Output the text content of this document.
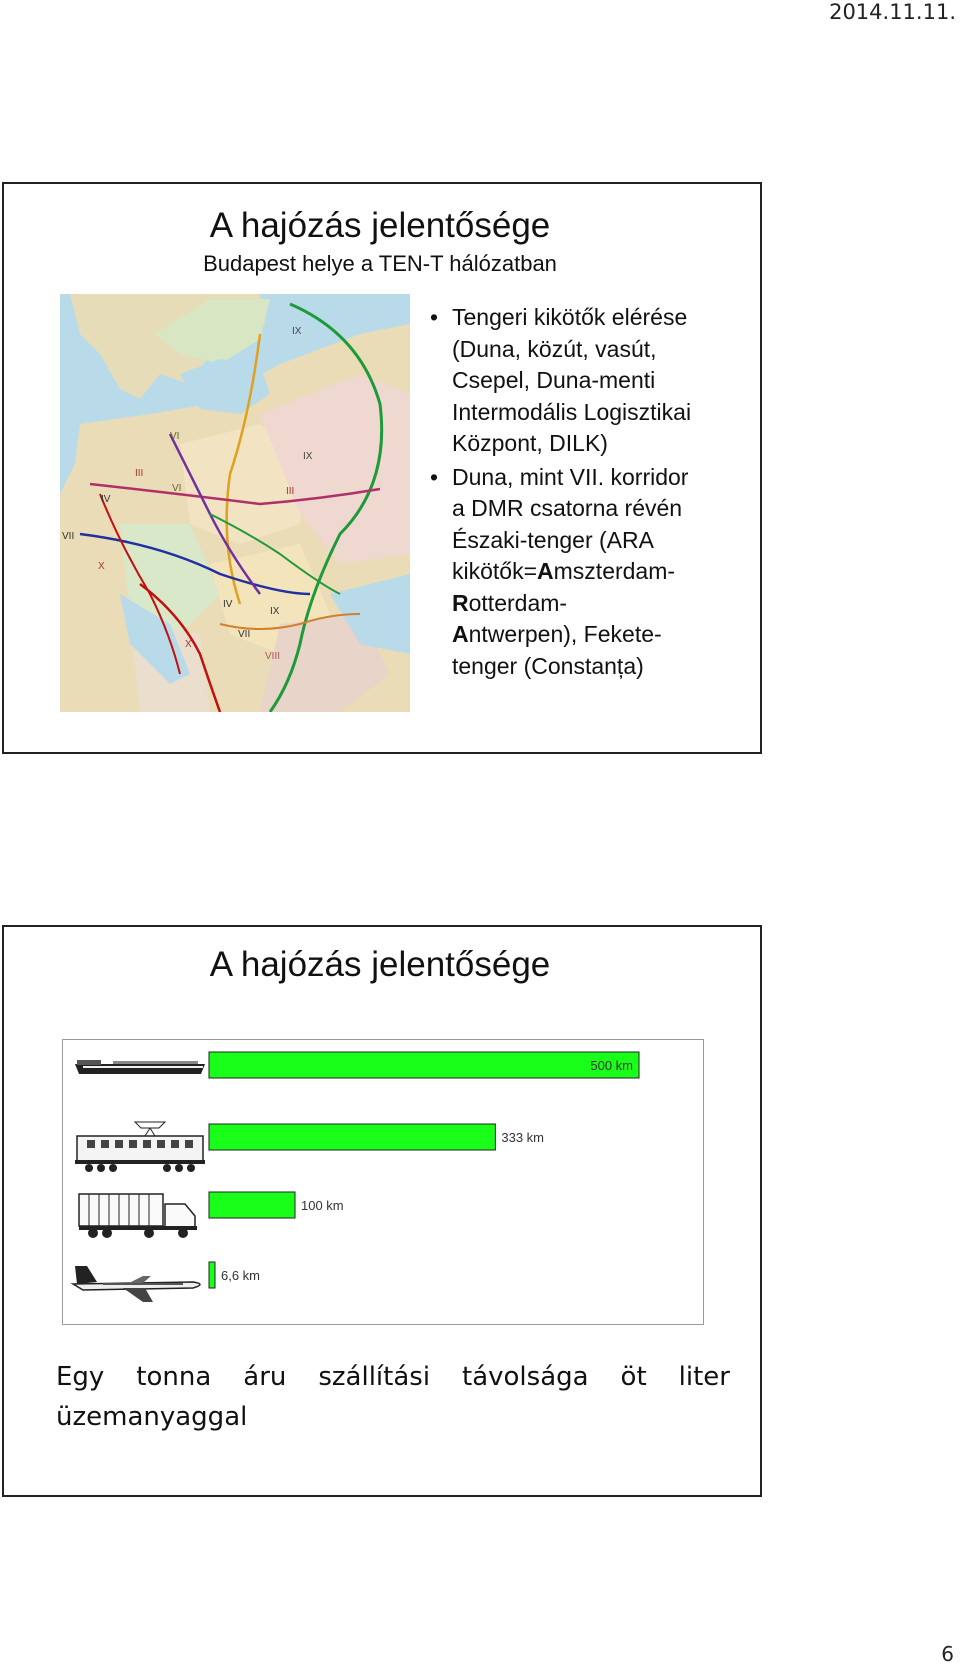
2014.11.11.
A hajózás jelentősége
Budapest helye a TEN-T hálózatban
IX
IX
III
VI
VI
III
IV
VII
X
IV
VII
X
VIII
IX
• Tengeri kikötők elérése
(Duna, közút, vasút,
Csepel, Duna-menti
Intermodális Logisztikai
Központ, DILK)
• Duna, mint VII. korridor
a DMR csatorna révén
Északi-tenger (ARA
kikötők=Amszterdam-
Rotterdam-
Antwerpen), Fekete-
tenger (Constanța)
A hajózás jelentősége
500 km
333 km
100 km
6,6 km
Egy tonna áru szállítási távolsága öt liter
üzemanyaggal
6
